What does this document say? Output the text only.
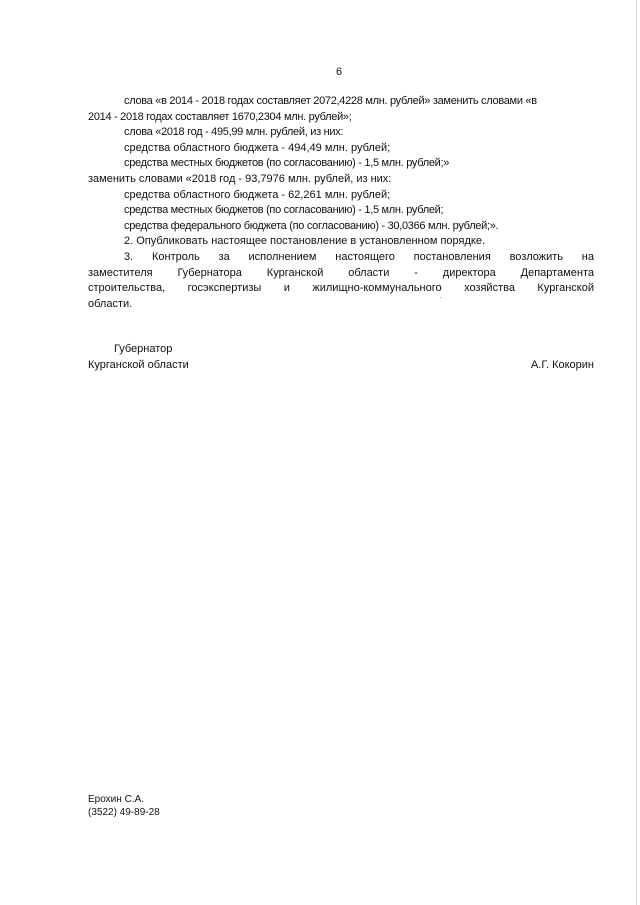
6
слова «в 2014 - 2018 годах составляет 2072,4228 млн. рублей» заменить словами «в
2014 - 2018 годах составляет 1670,2304 млн. рублей»;
слова «2018 год - 495,99 млн. рублей, из них:
средства областного бюджета - 494,49 млн. рублей;
средства местных бюджетов (по согласованию) - 1,5 млн. рублей;»
заменить словами «2018 год - 93,7976 млн. рублей, из них:
средства областного бюджета - 62,261 млн. рублей;
средства местных бюджетов (по согласованию) - 1,5 млн. рублей;
средства федерального бюджета (по согласованию) - 30,0366 млн. рублей;».
2. Опубликовать настоящее постановление в установленном порядке.
3. Контроль за исполнением настоящего постановления возложить на
заместителя Губернатора Курганской области - директора Департамента
строительства, госэкспертизы и жилищно-коммунального хозяйства Курганской
области.
Губернатор
Курганской области	А.Г. Кокорин
Ерохин С.А.
(3522) 49-89-28
